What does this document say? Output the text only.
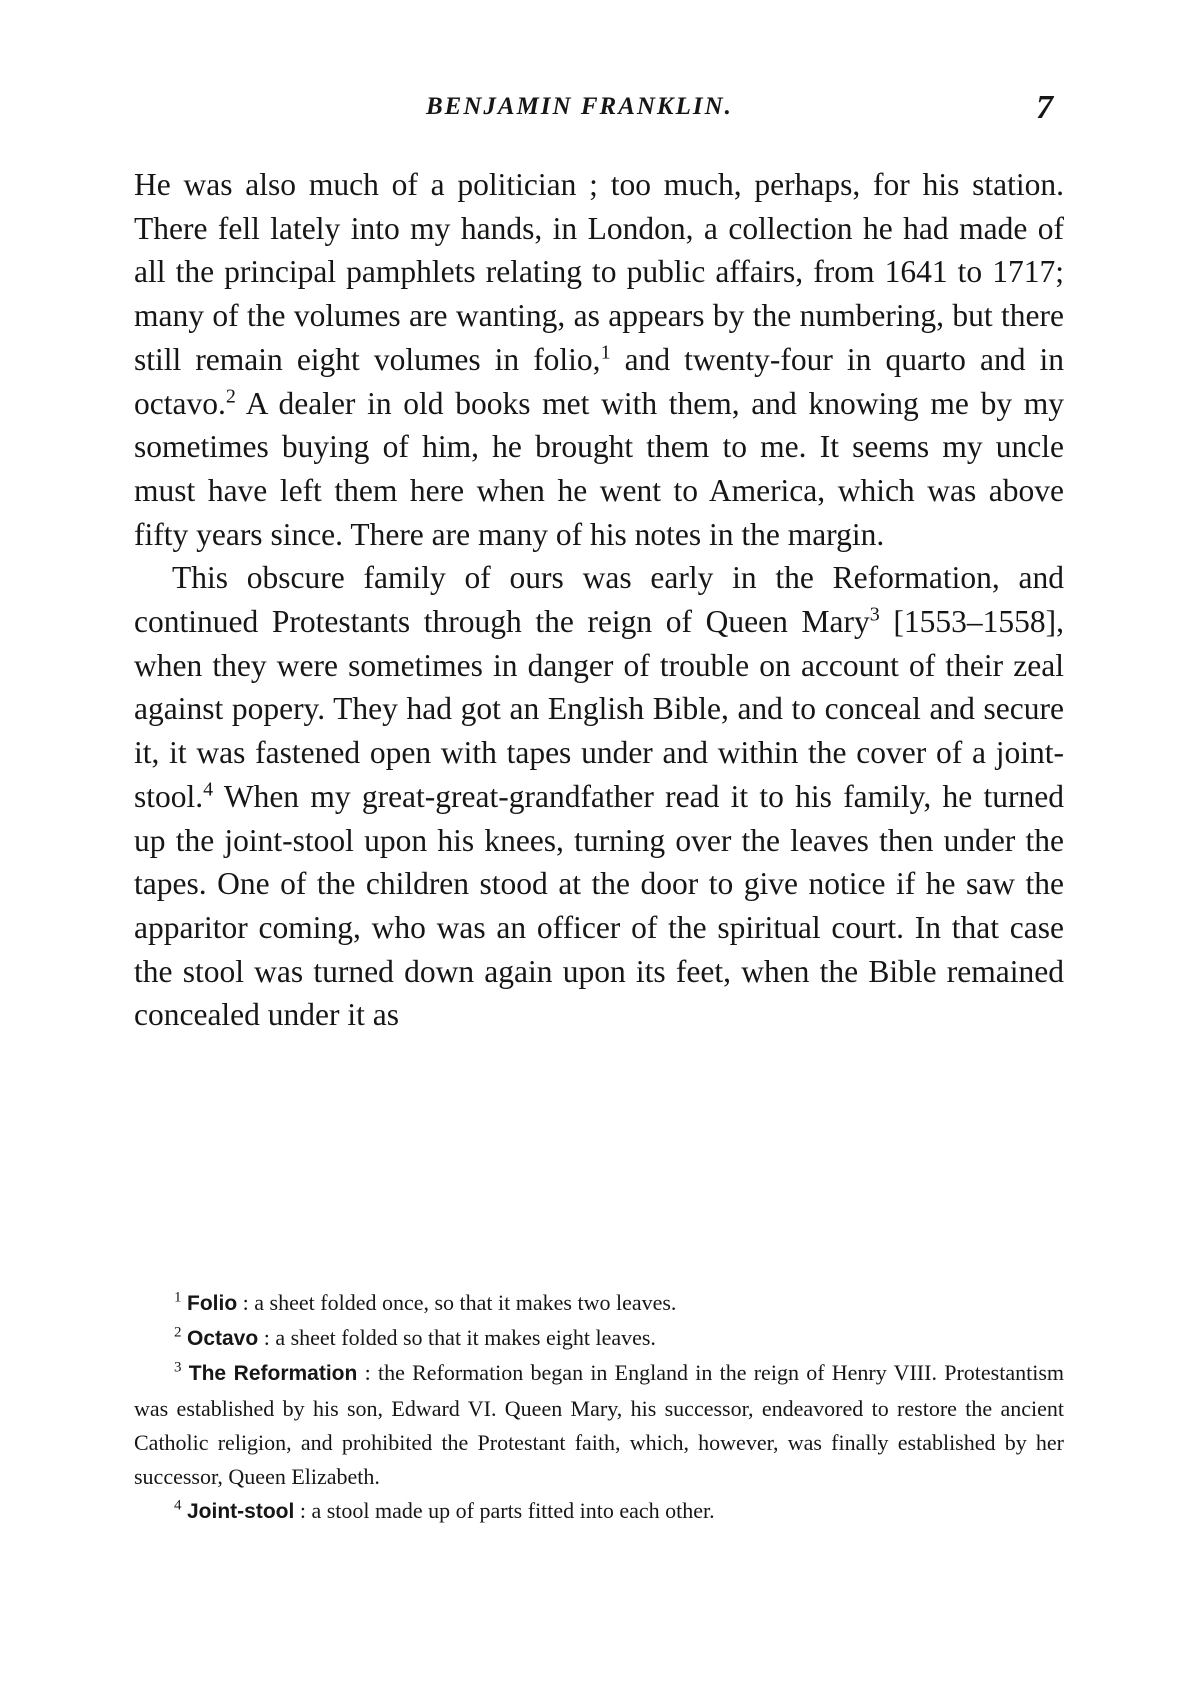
BENJAMIN FRANKLIN.	7

He was also much of a politician ; too much, perhaps, for his station. There fell lately into my hands, in London, a collection he had made of all the principal pamphlets relating to public affairs, from 1641 to 1717; many of the volumes are wanting, as appears by the numbering, but there still remain eight volumes in folio,$^1$ and twenty-four in quarto and in octavo.$^2$ A dealer in old books met with them, and knowing me by my sometimes buying of him, he brought them to me. It seems my uncle must have left them here when he went to America, which was above fifty years since. There are many of his notes in the margin.

This obscure family of ours was early in the Reformation, and continued Protestants through the reign of Queen Mary$^3$ [1553–1558], when they were sometimes in danger of trouble on account of their zeal against popery. They had got an English Bible, and to conceal and secure it, it was fastened open with tapes under and within the cover of a joint-stool.$^4$ When my great-great-grandfather read it to his family, he turned up the joint-stool upon his knees, turning over the leaves then under the tapes. One of the children stood at the door to give notice if he saw the apparitor coming, who was an officer of the spiritual court. In that case the stool was turned down again upon its feet, when the Bible remained concealed under it as

$^1$ Folio : a sheet folded once, so that it makes two leaves.

$^2$ Octavo : a sheet folded so that it makes eight leaves.

$^3$ The Reformation : the Reformation began in England in the reign of Henry VIII. Protestantism was established by his son, Edward VI. Queen Mary, his successor, endeavored to restore the ancient Catholic religion, and prohibited the Protestant faith, which, however, was finally established by her successor, Queen Elizabeth.

$^4$ Joint-stool : a stool made up of parts fitted into each other.
